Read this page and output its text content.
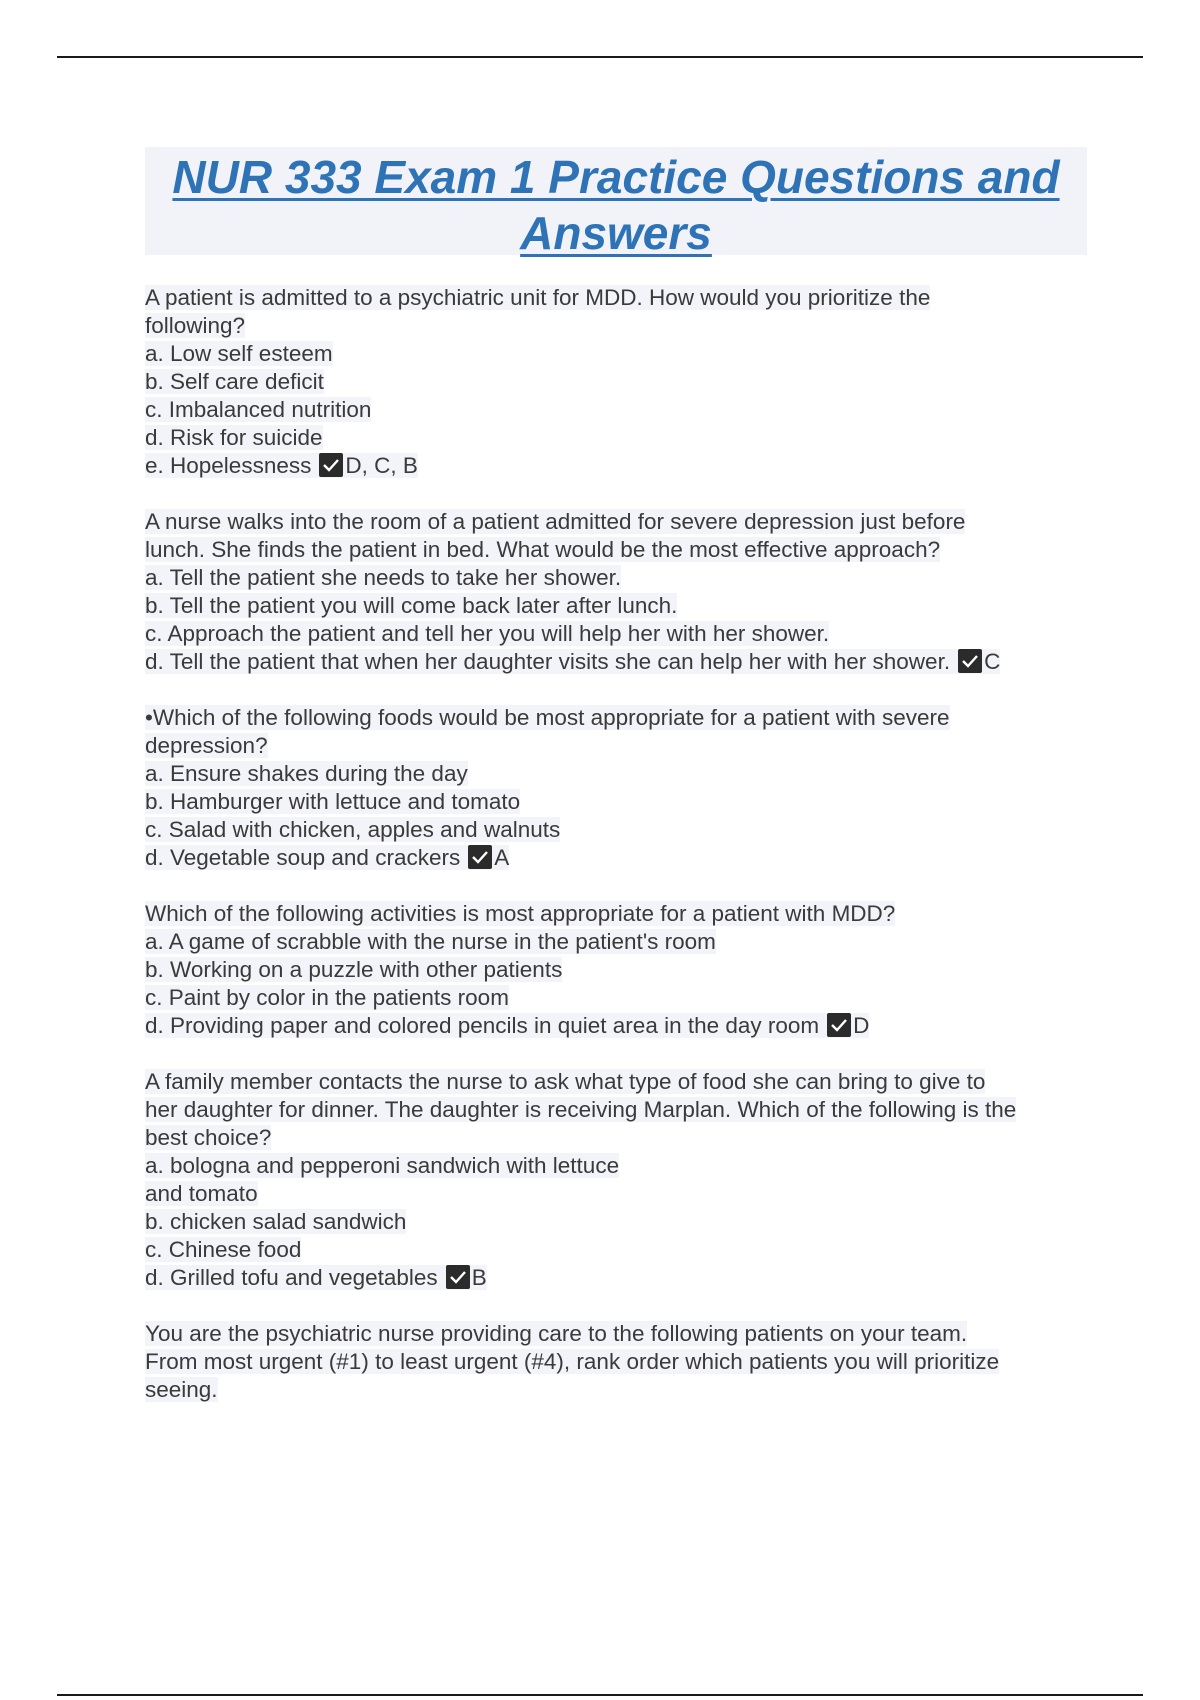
NUR 333 Exam 1 Practice Questions and Answers
A patient is admitted to a psychiatric unit for MDD. How would you prioritize the
following?
a. Low self esteem
b. Self care deficit
c. Imbalanced nutrition
d. Risk for suicide
e. Hopelessness D, C, B
A nurse walks into the room of a patient admitted for severe depression just before
lunch. She finds the patient in bed. What would be the most effective approach?
a. Tell the patient she needs to take her shower.
b. Tell the patient you will come back later after lunch.
c. Approach the patient and tell her you will help her with her shower.
d. Tell the patient that when her daughter visits she can help her with her shower. C
•Which of the following foods would be most appropriate for a patient with severe
depression?
a. Ensure shakes during the day
b. Hamburger with lettuce and tomato
c. Salad with chicken, apples and walnuts
d. Vegetable soup and crackers A
Which of the following activities is most appropriate for a patient with MDD?
a. A game of scrabble with the nurse in the patient's room
b. Working on a puzzle with other patients
c. Paint by color in the patients room
d. Providing paper and colored pencils in quiet area in the day room D
A family member contacts the nurse to ask what type of food she can bring to give to
her daughter for dinner. The daughter is receiving Marplan. Which of the following is the
best choice?
a. bologna and pepperoni sandwich with lettuce
and tomato
b. chicken salad sandwich
c. Chinese food
d. Grilled tofu and vegetables B
You are the psychiatric nurse providing care to the following patients on your team.
From most urgent (#1) to least urgent (#4), rank order which patients you will prioritize
seeing.
